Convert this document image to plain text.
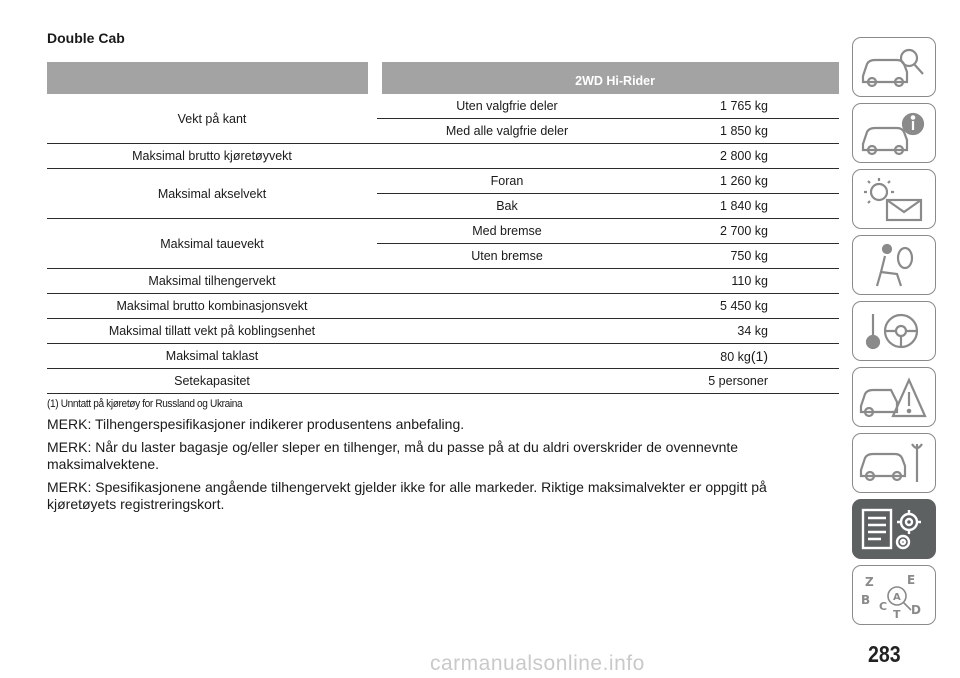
Double Cab
2WD Hi-Rider
Vekt på kant
Uten valgfrie deler	1 765 kg
Med alle valgfrie deler	1 850 kg
Maksimal brutto kjøretøyvekt	2 800 kg
Maksimal akselvekt
Foran	1 260 kg
Bak	1 840 kg
Maksimal tauevekt
Med bremse	2 700 kg
Uten bremse	750 kg
Maksimal tilhengervekt	110 kg
Maksimal brutto kombinasjonsvekt	5 450 kg
Maksimal tillatt vekt på koblingsenhet	34 kg
Maksimal taklast	80 kg(1)
Setekapasitet	5 personer
(1) Unntatt på kjøretøy for Russland og Ukraina

MERK: Tilhengerspesifikasjoner indikerer produsentens anbefaling.

MERK: Når du laster bagasje og/eller sleper en tilhenger, må du passe på at du aldri overskrider de ovennevnte maksimalvektene.

MERK: Spesifikasjonene angående tilhengervekt gjelder ikke for alle markeder. Riktige maksimalvekter er oppgitt på kjøretøyets registreringskort.

Z	E
B C D
T
A
283
carmanualsonline.info
